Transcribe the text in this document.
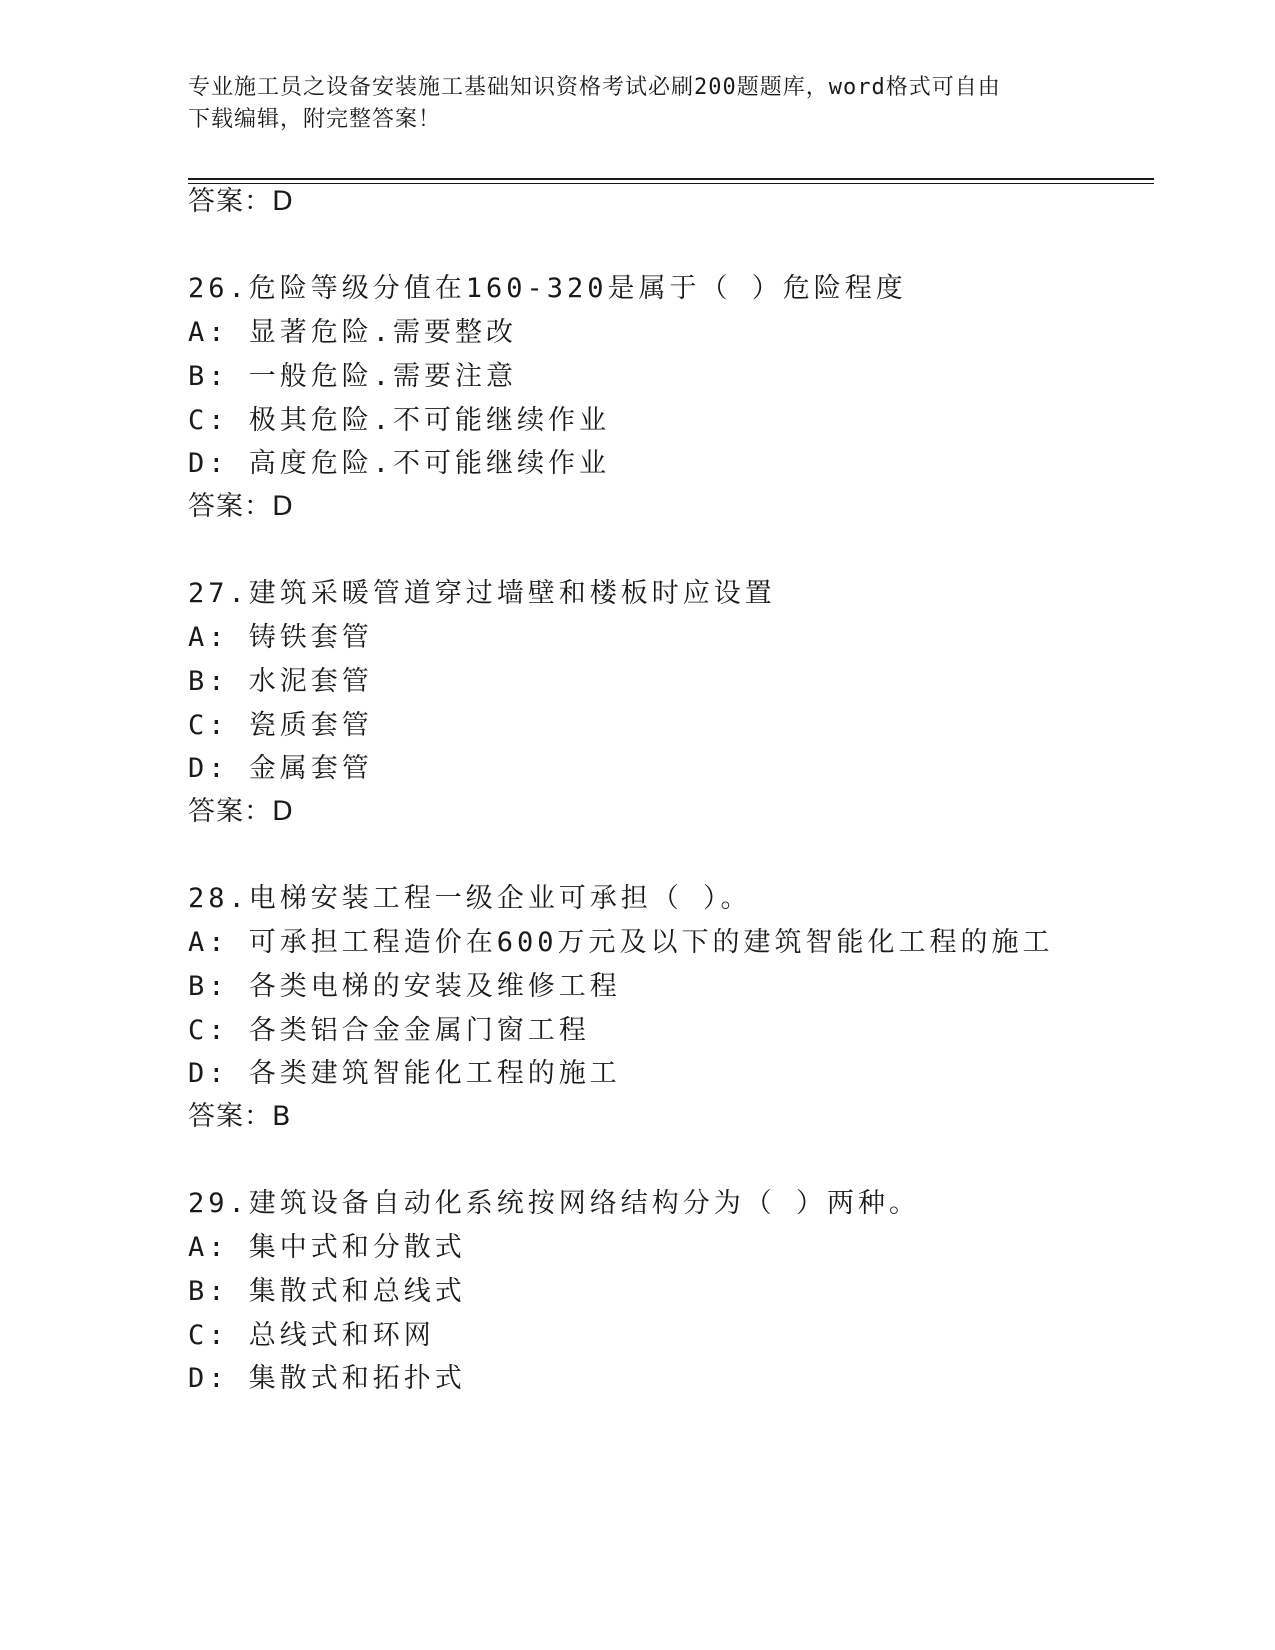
专业施工员之设备安装施工基础知识资格考试必刷200题题库，word格式可自由
下载编辑，附完整答案！
答案：D
26.危险等级分值在160-320是属于（ ）危险程度
A: 显著危险.需要整改
B: 一般危险.需要注意
C: 极其危险.不可能继续作业
D: 高度危险.不可能继续作业
答案：D
27.建筑采暖管道穿过墙壁和楼板时应设置
A: 铸铁套管
B: 水泥套管
C: 瓷质套管
D: 金属套管
答案：D
28.电梯安装工程一级企业可承担（ ）。
A: 可承担工程造价在600万元及以下的建筑智能化工程的施工
B: 各类电梯的安装及维修工程
C: 各类铝合金金属门窗工程
D: 各类建筑智能化工程的施工
答案：B
29.建筑设备自动化系统按网络结构分为（ ）两种。
A: 集中式和分散式
B: 集散式和总线式
C: 总线式和环网
D: 集散式和拓扑式
